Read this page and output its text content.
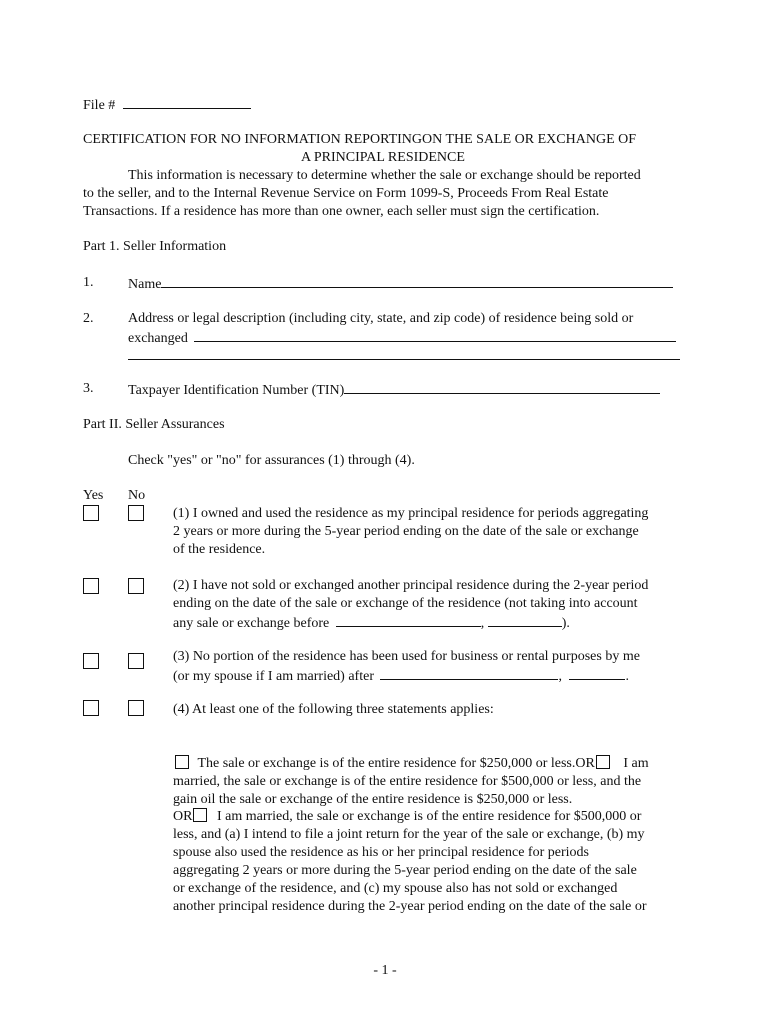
File #
CERTIFICATION FOR NO INFORMATION REPORTINGON THE SALE OR EXCHANGE OF
A PRINCIPAL RESIDENCE
This information is necessary to determine whether the sale or exchange should be reported
to the seller, and to the Internal Revenue Service on Form 1099-S, Proceeds From Real Estate
Transactions. If a residence has more than one owner, each seller must sign the certification.
Part 1. Seller Information
1. Name
2. Address or legal description (including city, state, and zip code) of residence being sold or
exchanged
3. Taxpayer Identification Number (TIN)
Part II. Seller Assurances
Check "yes" or "no" for assurances (1) through (4).
Yes No
(1) I owned and used the residence as my principal residence for periods aggregating
2 years or more during the 5-year period ending on the date of the sale or exchange
of the residence.
(2) I have not sold or exchanged another principal residence during the 2-year period
ending on the date of the sale or exchange of the residence (not taking into account
any sale or exchange before	,	).
(3) No portion of the residence has been used for business or rental purposes by me
(or my spouse if I am married) after	,	.
(4) At least one of the following three statements applies:
The sale or exchange is of the entire residence for $250,000 or less.OR I am
married, the sale or exchange is of the entire residence for $500,000 or less, and the
gain oil the sale or exchange of the entire residence is $250,000 or less.
OR I am married, the sale or exchange is of the entire residence for $500,000 or
less, and (a) I intend to file a joint return for the year of the sale or exchange, (b) my
spouse also used the residence as his or her principal residence for periods
aggregating 2 years or more during the 5-year period ending on the date of the sale
or exchange of the residence, and (c) my spouse also has not sold or exchanged
another principal residence during the 2-year period ending on the date of the sale or
- 1 -
